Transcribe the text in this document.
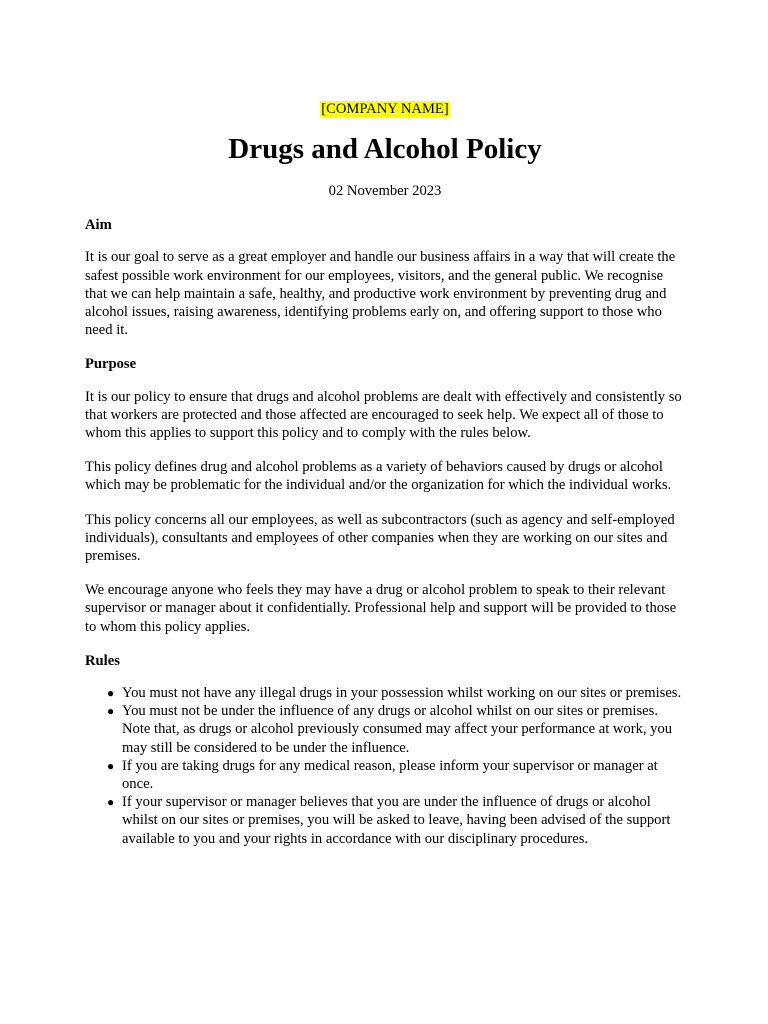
[COMPANY NAME]

Drugs and Alcohol Policy

02 November 2023

Aim

It is our goal to serve as a great employer and handle our business affairs in a way that will create the safest possible work environment for our employees, visitors, and the general public. We recognise that we can help maintain a safe, healthy, and productive work environment by preventing drug and alcohol issues, raising awareness, identifying problems early on, and offering support to those who need it.

Purpose

It is our policy to ensure that drugs and alcohol problems are dealt with effectively and consistently so that workers are protected and those affected are encouraged to seek help. We expect all of those to whom this applies to support this policy and to comply with the rules below.

This policy defines drug and alcohol problems as a variety of behaviors caused by drugs or alcohol which may be problematic for the individual and/or the organization for which the individual works.

This policy concerns all our employees, as well as subcontractors (such as agency and self-employed individuals), consultants and employees of other companies when they are working on our sites and premises.

We encourage anyone who feels they may have a drug or alcohol problem to speak to their relevant supervisor or manager about it confidentially. Professional help and support will be provided to those to whom this policy applies.

Rules

● You must not have any illegal drugs in your possession whilst working on our sites or premises.
● You must not be under the influence of any drugs or alcohol whilst on our sites or premises. Note that, as drugs or alcohol previously consumed may affect your performance at work, you may still be considered to be under the influence.
● If you are taking drugs for any medical reason, please inform your supervisor or manager at once.
● If your supervisor or manager believes that you are under the influence of drugs or alcohol whilst on our sites or premises, you will be asked to leave, having been advised of the support available to you and your rights in accordance with our disciplinary procedures.
